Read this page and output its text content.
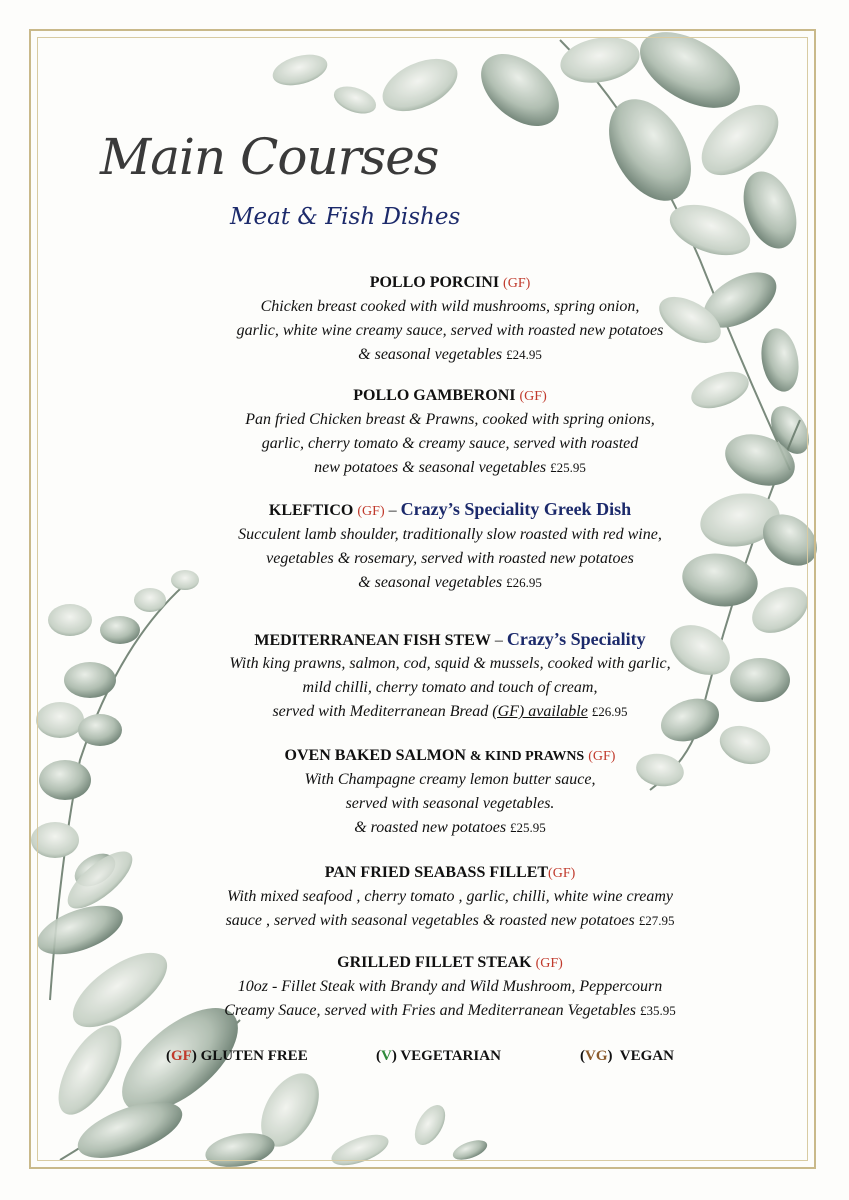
Main Courses
Meat & Fish Dishes
POLLO PORCINI (GF)
Chicken breast cooked with wild mushrooms, spring onion,
garlic, white wine creamy sauce, served with roasted new potatoes
& seasonal vegetables £24.95
POLLO GAMBERONI (GF)
Pan fried Chicken breast & Prawns, cooked with spring onions,
garlic, cherry tomato & creamy sauce, served with roasted
new potatoes & seasonal vegetables £25.95
KLEFTICO (GF) – Crazy’s Speciality Greek Dish
Succulent lamb shoulder, traditionally slow roasted with red wine,
vegetables & rosemary, served with roasted new potatoes
& seasonal vegetables £26.95
MEDITERRANEAN FISH STEW – Crazy’s Speciality
With king prawns, salmon, cod, squid & mussels, cooked with garlic,
mild chilli, cherry tomato and touch of cream,
served with Mediterranean Bread (GF) available £26.95
OVEN BAKED SALMON & KIND PRAWNS (GF)
With Champagne creamy lemon butter sauce,
served with seasonal vegetables.
& roasted new potatoes £25.95
PAN FRIED SEABASS FILLET(GF)
With mixed seafood , cherry tomato , garlic, chilli, white wine creamy
sauce , served with seasonal vegetables & roasted new potatoes £27.95
GRILLED FILLET STEAK (GF)
10oz - Fillet Steak with Brandy and Wild Mushroom, Peppercourn
Creamy Sauce, served with Fries and Mediterranean Vegetables £35.95
(GF) GLUTEN FREE	(V) VEGETARIAN	(VG)  VEGAN
